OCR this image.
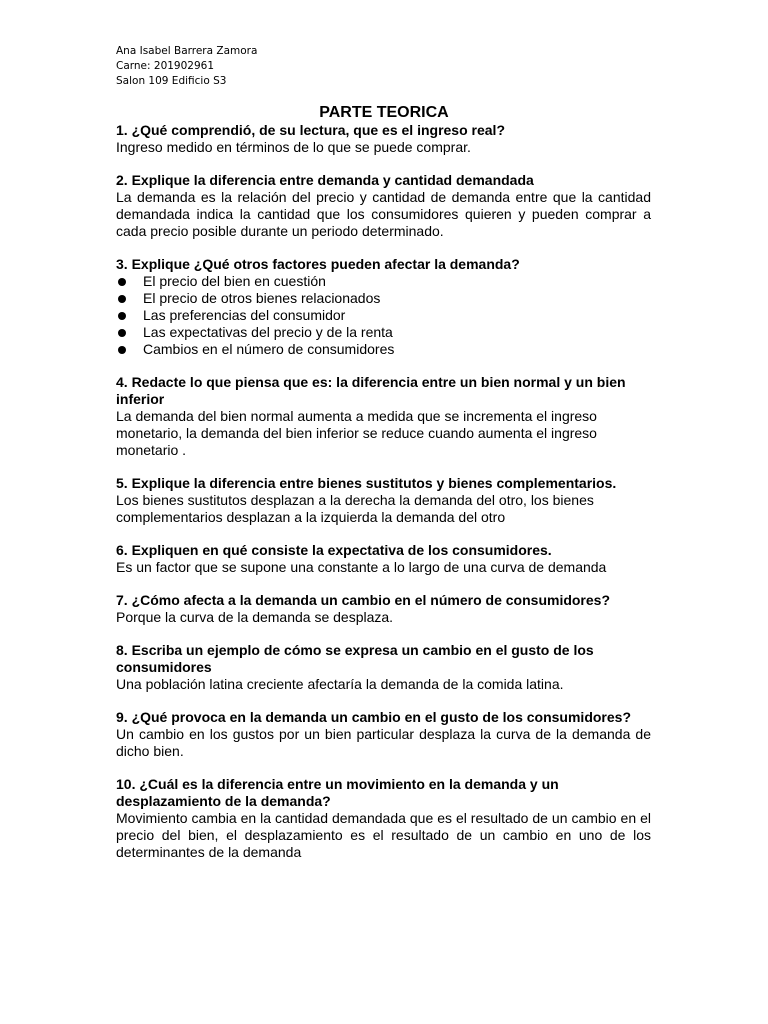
Ana Isabel Barrera Zamora
Carne: 201902961
Salon 109 Edificio S3
PARTE TEORICA
1. ¿Qué comprendió, de su lectura, que es el ingreso real?
Ingreso medido en términos de lo que se puede comprar.
2. Explique la diferencia entre demanda y cantidad demandada
La demanda es la relación del precio y cantidad de demanda entre que la cantidad demandada indica la cantidad que los consumidores quieren y pueden comprar a cada precio posible durante un periodo determinado.
3. Explique ¿Qué otros factores pueden afectar la demanda?
El precio del bien en cuestión
El precio de otros bienes relacionados
Las preferencias del consumidor
Las expectativas del precio y de la renta
Cambios en el número de consumidores
4. Redacte lo que piensa que es: la diferencia entre un bien normal y un bien inferior
La demanda del bien normal aumenta a medida que se incrementa el ingreso monetario, la demanda del bien inferior se reduce cuando aumenta el ingreso monetario .
5. Explique la diferencia entre bienes sustitutos y bienes complementarios.
Los bienes sustitutos desplazan a la derecha la demanda del otro, los bienes complementarios desplazan a la izquierda la demanda del otro
6. Expliquen en qué consiste la expectativa de los consumidores.
Es un factor que se supone una constante a lo largo de una curva de demanda
7. ¿Cómo afecta a la demanda un cambio en el número de consumidores?
Porque la curva de la demanda se desplaza.
8. Escriba un ejemplo de cómo se expresa un cambio en el gusto de los consumidores
Una población latina creciente afectaría la demanda de la comida latina.
9. ¿Qué provoca en la demanda un cambio en el gusto de los consumidores?
Un cambio en los gustos por un bien particular desplaza la curva de la demanda de dicho bien.
10. ¿Cuál es la diferencia entre un movimiento en la demanda y un desplazamiento de la demanda?
Movimiento cambia en la cantidad demandada que es el resultado de un cambio en el precio del bien, el desplazamiento es el resultado de un cambio en uno de los determinantes de la demanda
